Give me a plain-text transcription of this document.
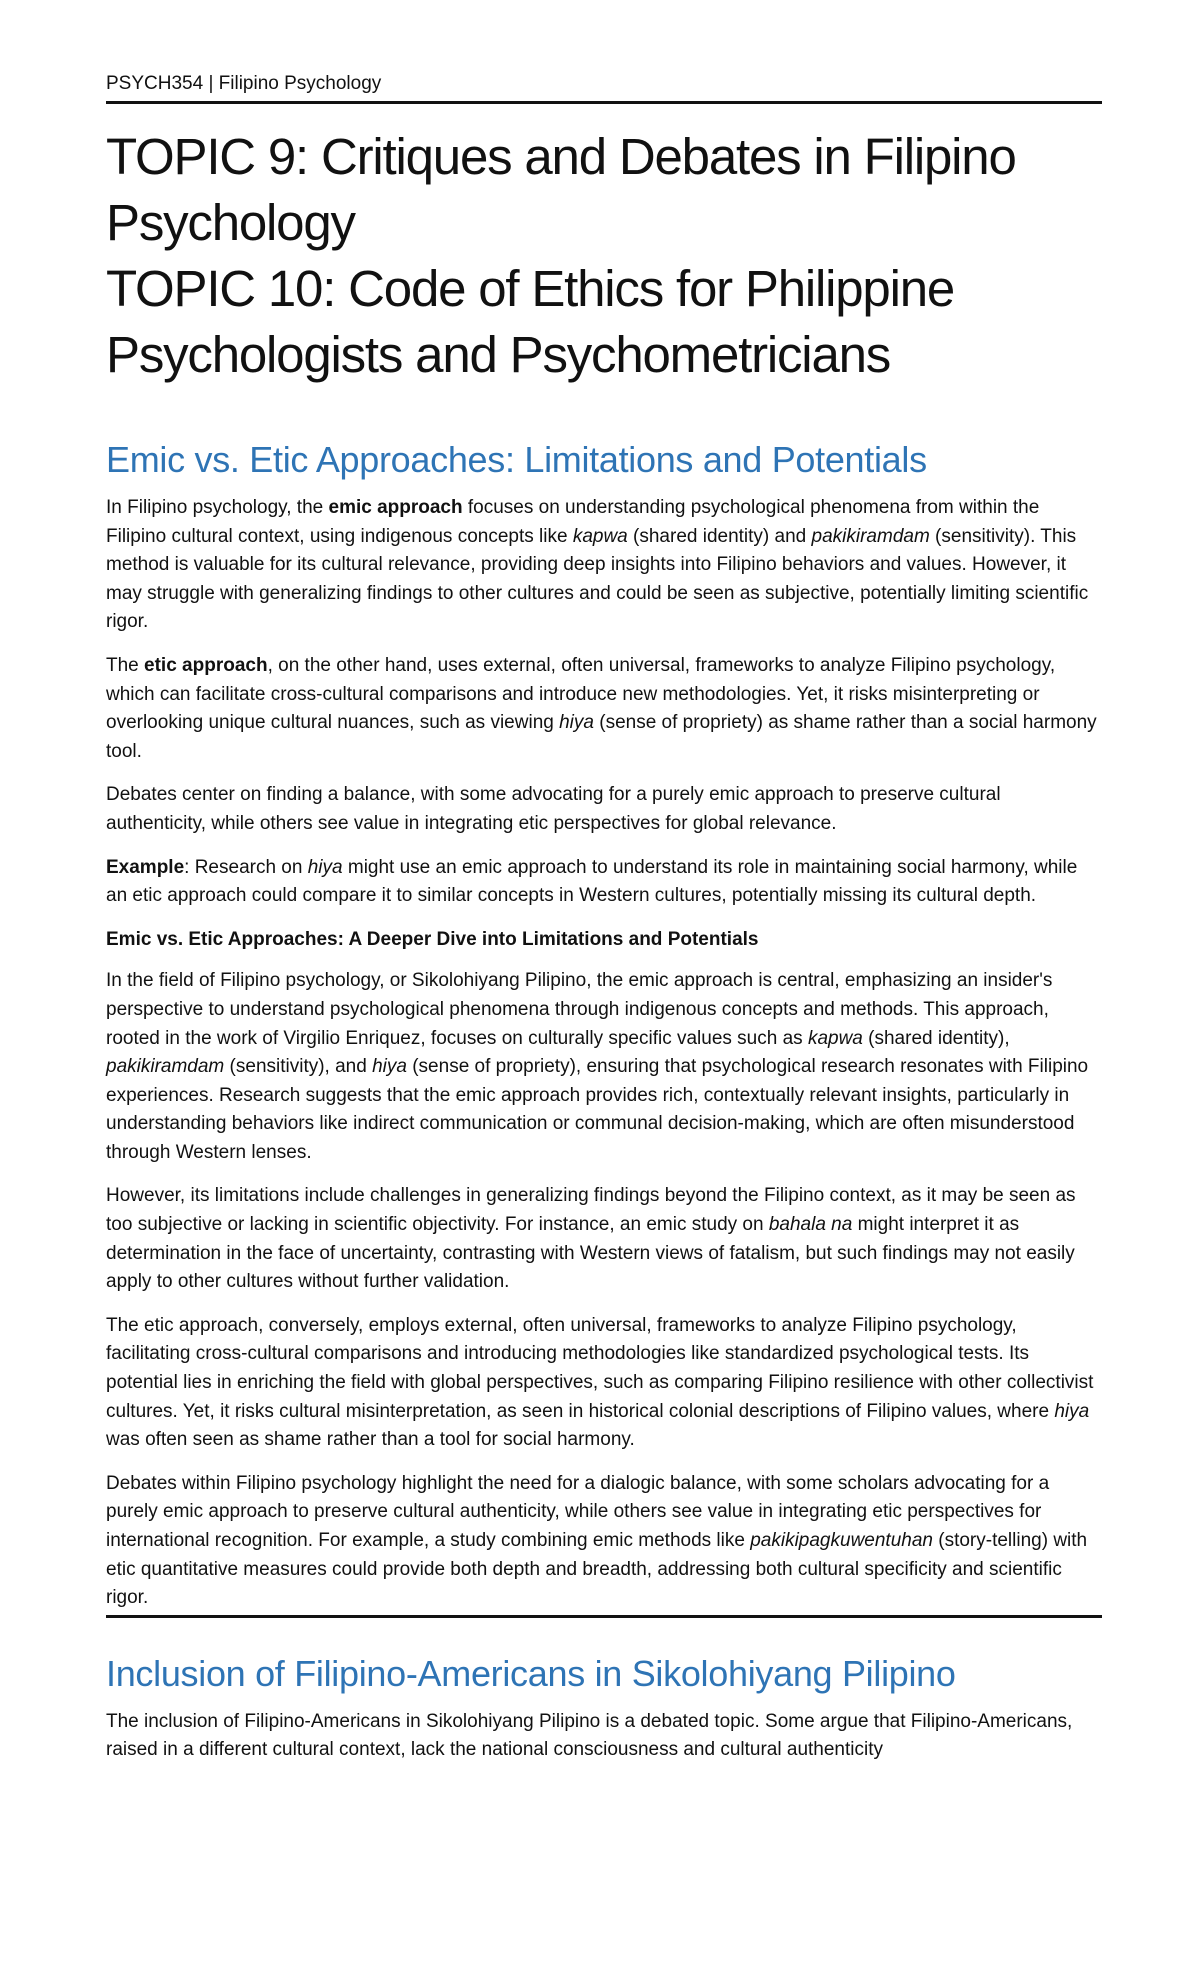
PSYCH354 | Filipino Psychology
TOPIC 9: Critiques and Debates in Filipino
Psychology
TOPIC 10: Code of Ethics for Philippine
Psychologists and Psychometricians
Emic vs. Etic Approaches: Limitations and Potentials

In Filipino psychology, the emic approach focuses on understanding psychological phenomena from within the Filipino cultural context, using indigenous concepts like kapwa (shared identity) and pakikiramdam (sensitivity). This method is valuable for its cultural relevance, providing deep insights into Filipino behaviors and values. However, it may struggle with generalizing findings to other cultures and could be seen as subjective, potentially limiting scientific rigor.

The etic approach, on the other hand, uses external, often universal, frameworks to analyze Filipino psychology, which can facilitate cross-cultural comparisons and introduce new methodologies. Yet, it risks misinterpreting or overlooking unique cultural nuances, such as viewing hiya (sense of propriety) as shame rather than a social harmony tool.

Debates center on finding a balance, with some advocating for a purely emic approach to preserve cultural authenticity, while others see value in integrating etic perspectives for global relevance.

Example: Research on hiya might use an emic approach to understand its role in maintaining social harmony, while an etic approach could compare it to similar concepts in Western cultures, potentially missing its cultural depth.

Emic vs. Etic Approaches: A Deeper Dive into Limitations and Potentials

In the field of Filipino psychology, or Sikolohiyang Pilipino, the emic approach is central, emphasizing an insider's perspective to understand psychological phenomena through indigenous concepts and methods. This approach, rooted in the work of Virgilio Enriquez, focuses on culturally specific values such as kapwa (shared identity), pakikiramdam (sensitivity), and hiya (sense of propriety), ensuring that psychological research resonates with Filipino experiences. Research suggests that the emic approach provides rich, contextually relevant insights, particularly in understanding behaviors like indirect communication or communal decision-making, which are often misunderstood through Western lenses.

However, its limitations include challenges in generalizing findings beyond the Filipino context, as it may be seen as too subjective or lacking in scientific objectivity. For instance, an emic study on bahala na might interpret it as determination in the face of uncertainty, contrasting with Western views of fatalism, but such findings may not easily apply to other cultures without further validation.

The etic approach, conversely, employs external, often universal, frameworks to analyze Filipino psychology, facilitating cross-cultural comparisons and introducing methodologies like standardized psychological tests. Its potential lies in enriching the field with global perspectives, such as comparing Filipino resilience with other collectivist cultures. Yet, it risks cultural misinterpretation, as seen in historical colonial descriptions of Filipino values, where hiya was often seen as shame rather than a tool for social harmony.

Debates within Filipino psychology highlight the need for a dialogic balance, with some scholars advocating for a purely emic approach to preserve cultural authenticity, while others see value in integrating etic perspectives for international recognition. For example, a study combining emic methods like pakikipagkuwentuhan (story-telling) with etic quantitative measures could provide both depth and breadth, addressing both cultural specificity and scientific rigor.

Inclusion of Filipino-Americans in Sikolohiyang Pilipino

The inclusion of Filipino-Americans in Sikolohiyang Pilipino is a debated topic. Some argue that Filipino-Americans, raised in a different cultural context, lack the national consciousness and cultural authenticity
